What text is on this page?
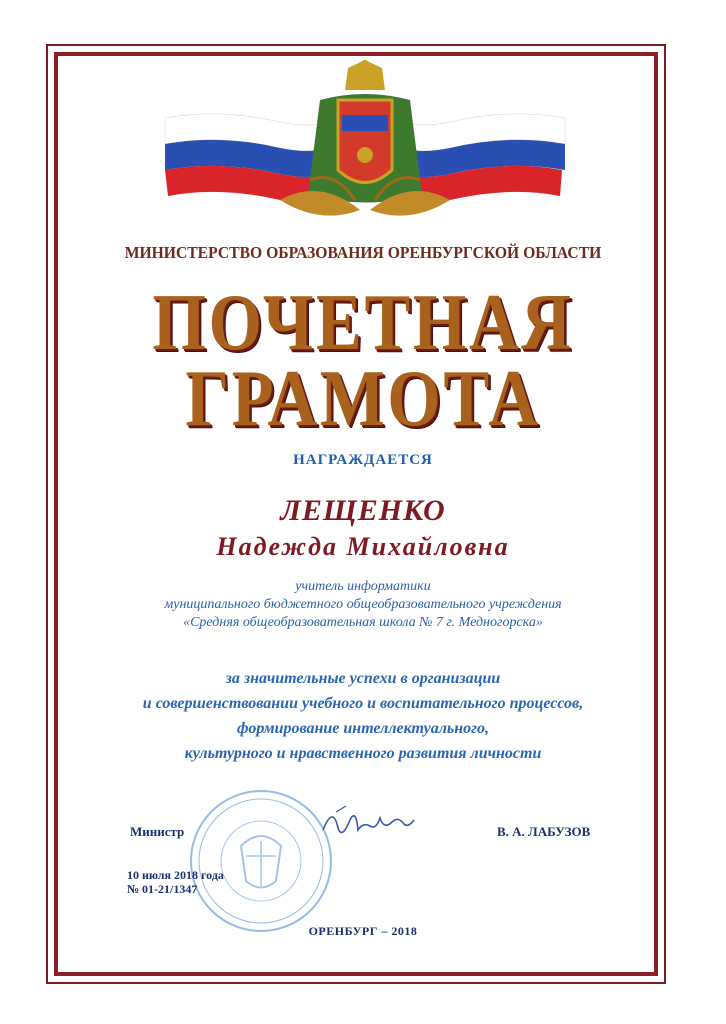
МИНИСТЕРСТВО ОБРАЗОВАНИЯ ОРЕНБУРГСКОЙ ОБЛАСТИ
ПОЧЕТНАЯ
ГРАМОТА
НАГРАЖДАЕТСЯ
ЛЕЩЕНКО
Надежда Михайловна
учитель информатики
муниципального бюджетного общеобразовательного учреждения
«Средняя общеобразовательная школа № 7 г. Медногорска»
за значительные успехи в организации
и совершенствовании учебного и воспитательного процессов,
формирование интеллектуального,
культурного и нравственного развития личности
Министр	В. А. ЛАБУЗОВ
10 июля 2018 года
№ 01-21/1347
ОРЕНБУРГ – 2018
